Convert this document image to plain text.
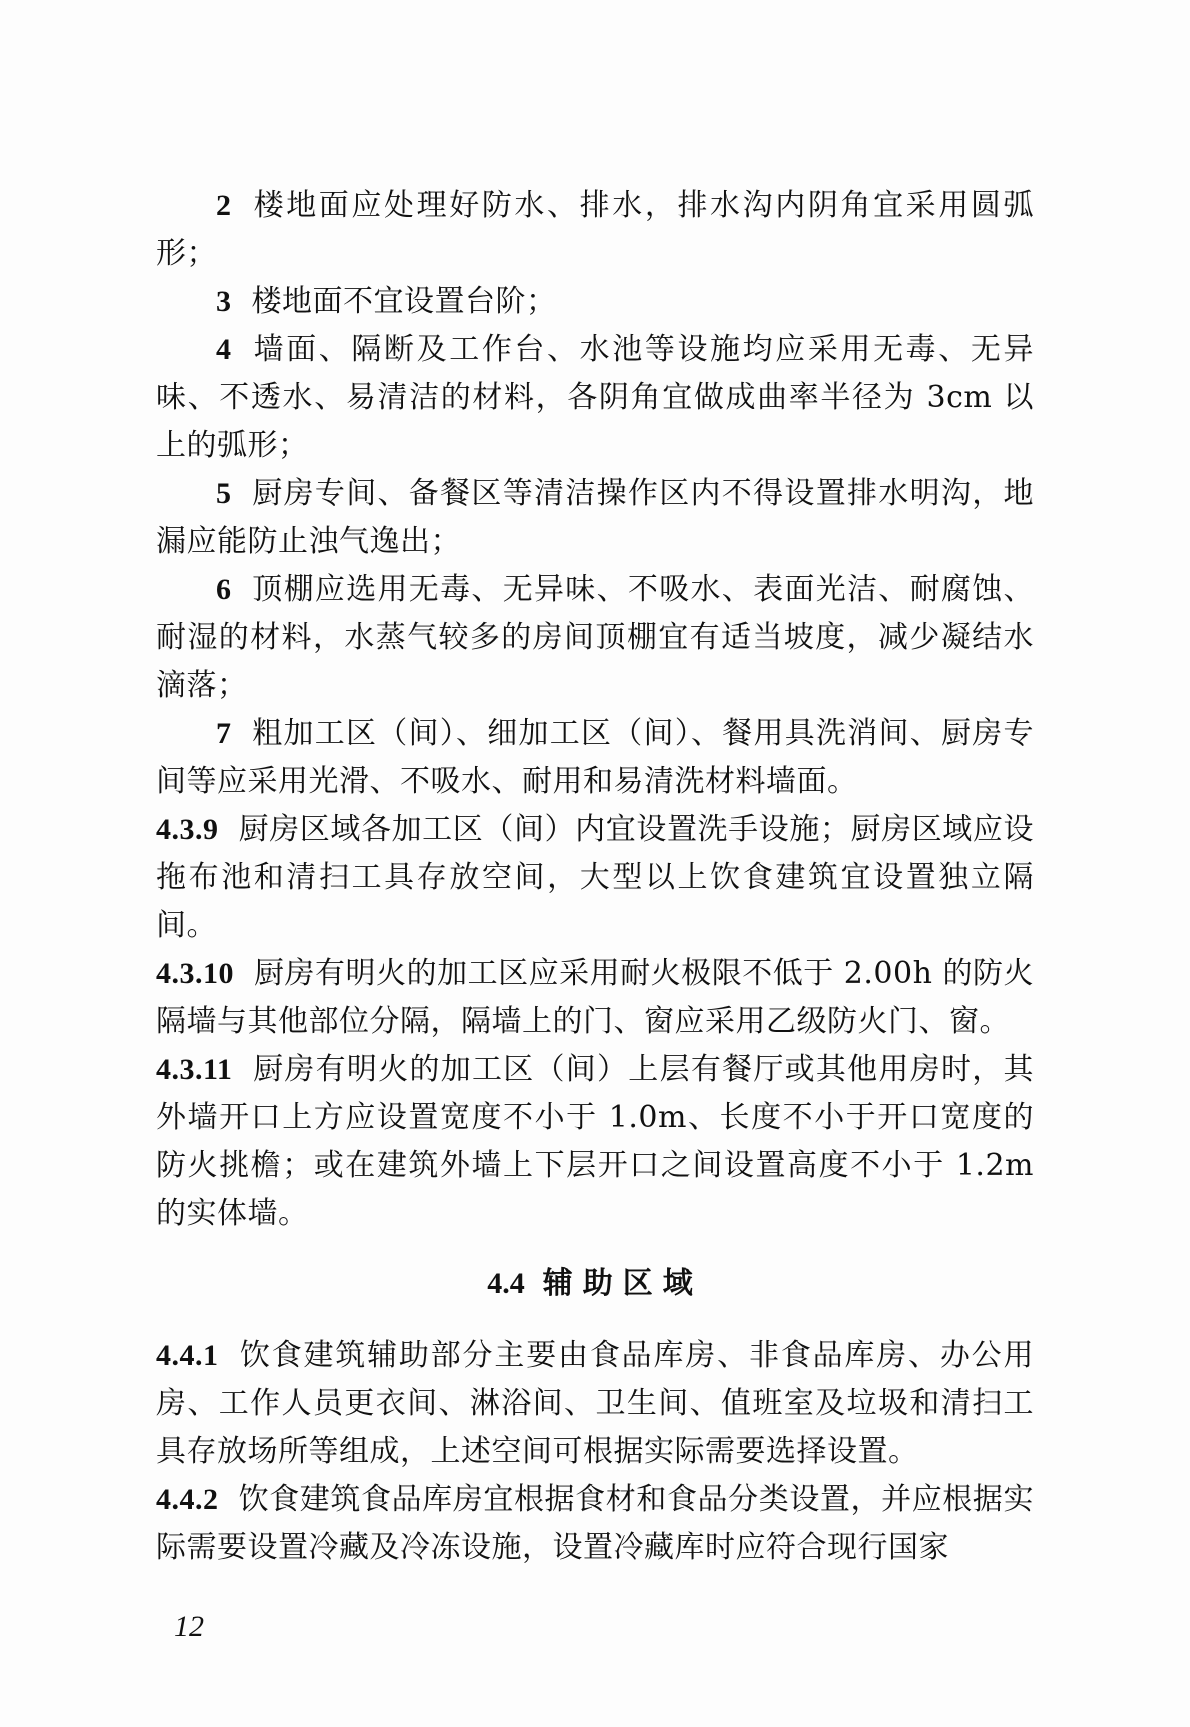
2 楼地面应处理好防水、排水，排水沟内阴角宜采用圆弧形；

3 楼地面不宜设置台阶；

4 墙面、隔断及工作台、水池等设施均应采用无毒、无异味、不透水、易清洁的材料，各阴角宜做成曲率半径为 3cm 以上的弧形；

5 厨房专间、备餐区等清洁操作区内不得设置排水明沟，地漏应能防止浊气逸出；

6 顶棚应选用无毒、无异味、不吸水、表面光洁、耐腐蚀、耐湿的材料，水蒸气较多的房间顶棚宜有适当坡度，减少凝结水滴落；

7 粗加工区（间）、细加工区（间）、餐用具洗消间、厨房专间等应采用光滑、不吸水、耐用和易清洗材料墙面。

4.3.9 厨房区域各加工区（间）内宜设置洗手设施；厨房区域应设拖布池和清扫工具存放空间，大型以上饮食建筑宜设置独立隔间。

4.3.10 厨房有明火的加工区应采用耐火极限不低于 2.00h 的防火隔墙与其他部位分隔，隔墙上的门、窗应采用乙级防火门、窗。

4.3.11 厨房有明火的加工区（间）上层有餐厅或其他用房时，其外墙开口上方应设置宽度不小于 1.0m、长度不小于开口宽度的防火挑檐；或在建筑外墙上下层开口之间设置高度不小于 1.2m 的实体墙。

4.4 辅助区域

4.4.1 饮食建筑辅助部分主要由食品库房、非食品库房、办公用房、工作人员更衣间、淋浴间、卫生间、值班室及垃圾和清扫工具存放场所等组成，上述空间可根据实际需要选择设置。

4.4.2 饮食建筑食品库房宜根据食材和食品分类设置，并应根据实际需要设置冷藏及冷冻设施，设置冷藏库时应符合现行国家

12
